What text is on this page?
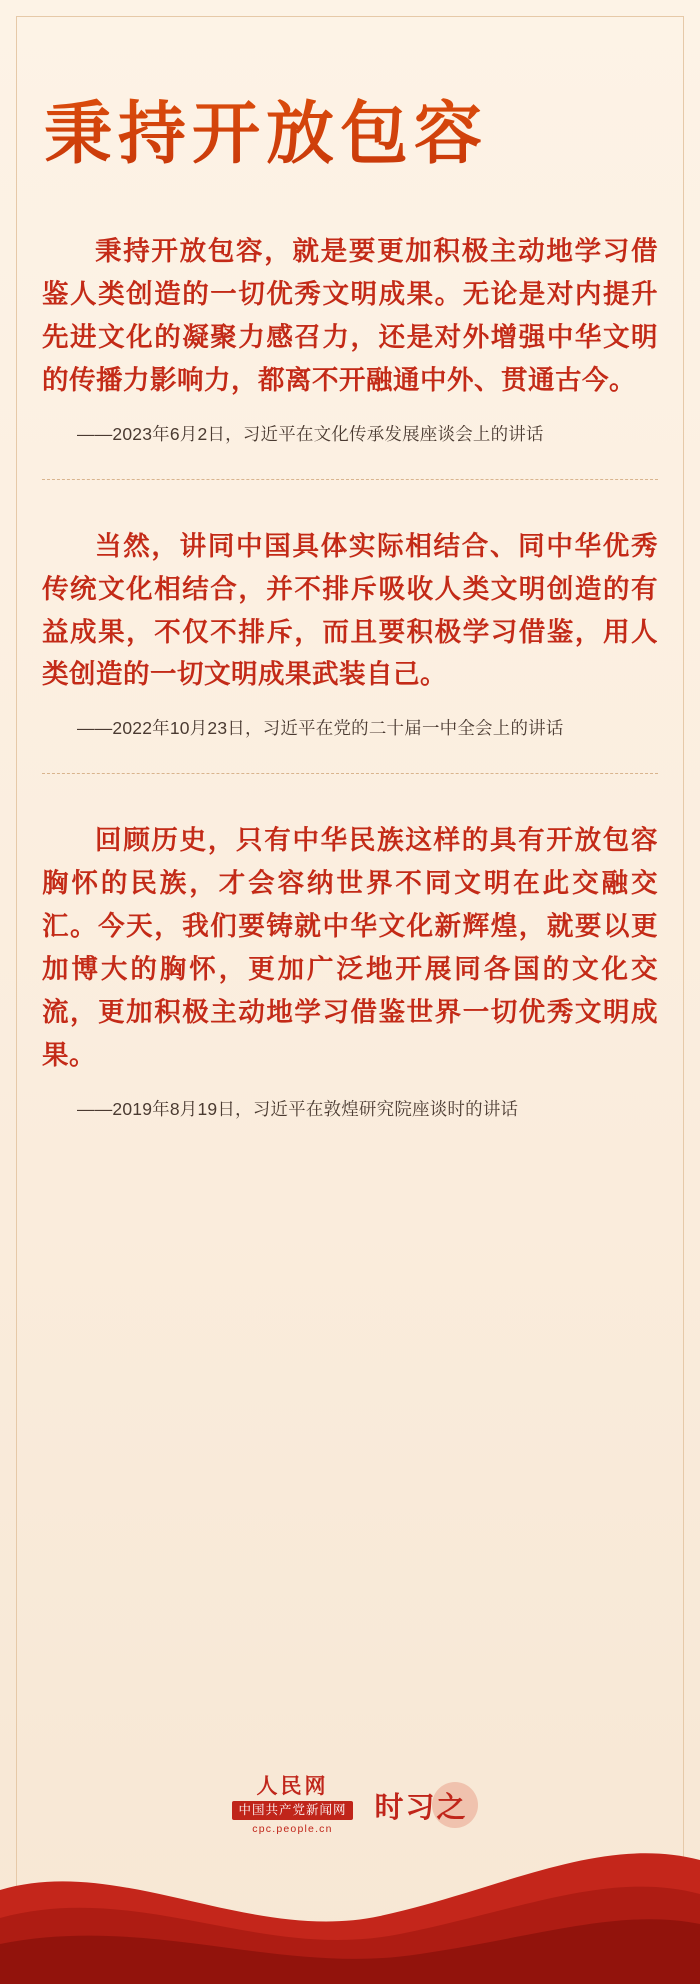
秉持开放包容

秉持开放包容，就是要更加积极主动地学习借鉴人类创造的一切优秀文明成果。无论是对内提升先进文化的凝聚力感召力，还是对外增强中华文明的传播力影响力，都离不开融通中外、贯通古今。

——2023年6月2日，习近平在文化传承发展座谈会上的讲话

当然，讲同中国具体实际相结合、同中华优秀传统文化相结合，并不排斥吸收人类文明创造的有益成果，不仅不排斥，而且要积极学习借鉴，用人类创造的一切文明成果武装自己。

——2022年10月23日，习近平在党的二十届一中全会上的讲话

回顾历史，只有中华民族这样的具有开放包容胸怀的民族，才会容纳世界不同文明在此交融交汇。今天，我们要铸就中华文化新辉煌，就要以更加博大的胸怀，更加广泛地开展同各国的文化交流，更加积极主动地学习借鉴世界一切优秀文明成果。

——2019年8月19日，习近平在敦煌研究院座谈时的讲话

人民网
中国共产党新闻网
cpc.people.cn
时习之
